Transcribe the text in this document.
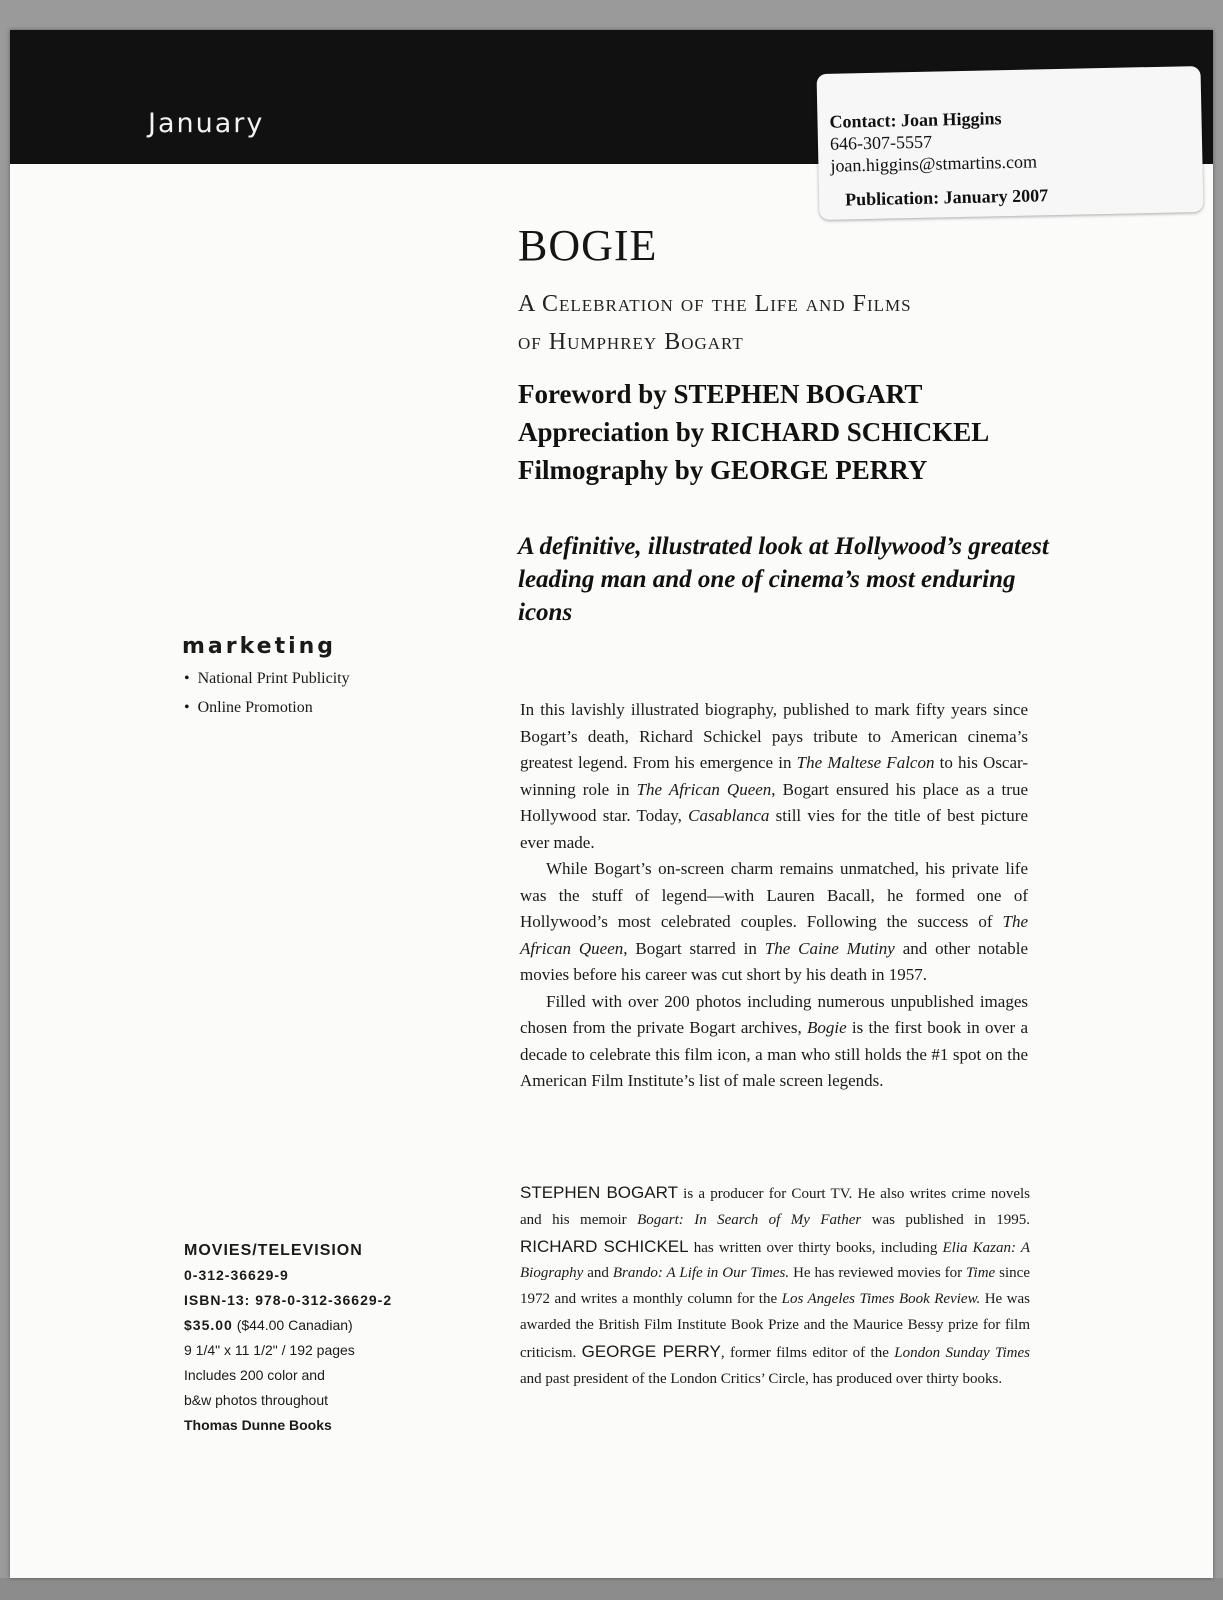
January	Contact: Joan Higgins
646-307-5557
joan.higgins@stmartins.com
Publication: January 2007
BOGIE
A Celebration of the Life and Films
of Humphrey Bogart
Foreword by STEPHEN BOGART
Appreciation by RICHARD SCHICKEL
Filmography by GEORGE PERRY
A definitive, illustrated look at Hollywood’s greatest leading man and one of cinema’s most enduring icons

In this lavishly illustrated biography, published to mark fifty years since Bogart’s death, Richard Schickel pays tribute to American cinema’s greatest legend. From his emergence in The Maltese Falcon to his Oscar-winning role in The African Queen, Bogart ensured his place as a true Hollywood star. Today, Casablanca still vies for the title of best picture ever made.

While Bogart’s on-screen charm remains unmatched, his private life was the stuff of legend—with Lauren Bacall, he formed one of Hollywood’s most celebrated couples. Following the success of The African Queen, Bogart starred in The Caine Mutiny and other notable movies before his career was cut short by his death in 1957.

Filled with over 200 photos including numerous unpublished images chosen from the private Bogart archives, Bogie is the first book in over a decade to celebrate this film icon, a man who still holds the #1 spot on the American Film Institute’s list of male screen legends.

STEPHEN BOGART is a producer for Court TV. He also writes crime novels and his memoir Bogart: In Search of My Father was published in 1995. RICHARD SCHICKEL has written over thirty books, including Elia Kazan: A Biography and Brando: A Life in Our Times. He has reviewed movies for Time since 1972 and writes a monthly column for the Los Angeles Times Book Review. He was awarded the British Film Institute Book Prize and the Maurice Bessy prize for film criticism. GEORGE PERRY, former films editor of the London Sunday Times and past president of the London Critics’ Circle, has produced over thirty books.
marketing
• National Print Publicity
• Online Promotion
MOVIES/TELEVISION
0-312-36629-9
ISBN-13: 978-0-312-36629-2
$35.00 ($44.00 Canadian)
9 1/4" x 11 1/2" / 192 pages
Includes 200 color and
b&w photos throughout
Thomas Dunne Books
